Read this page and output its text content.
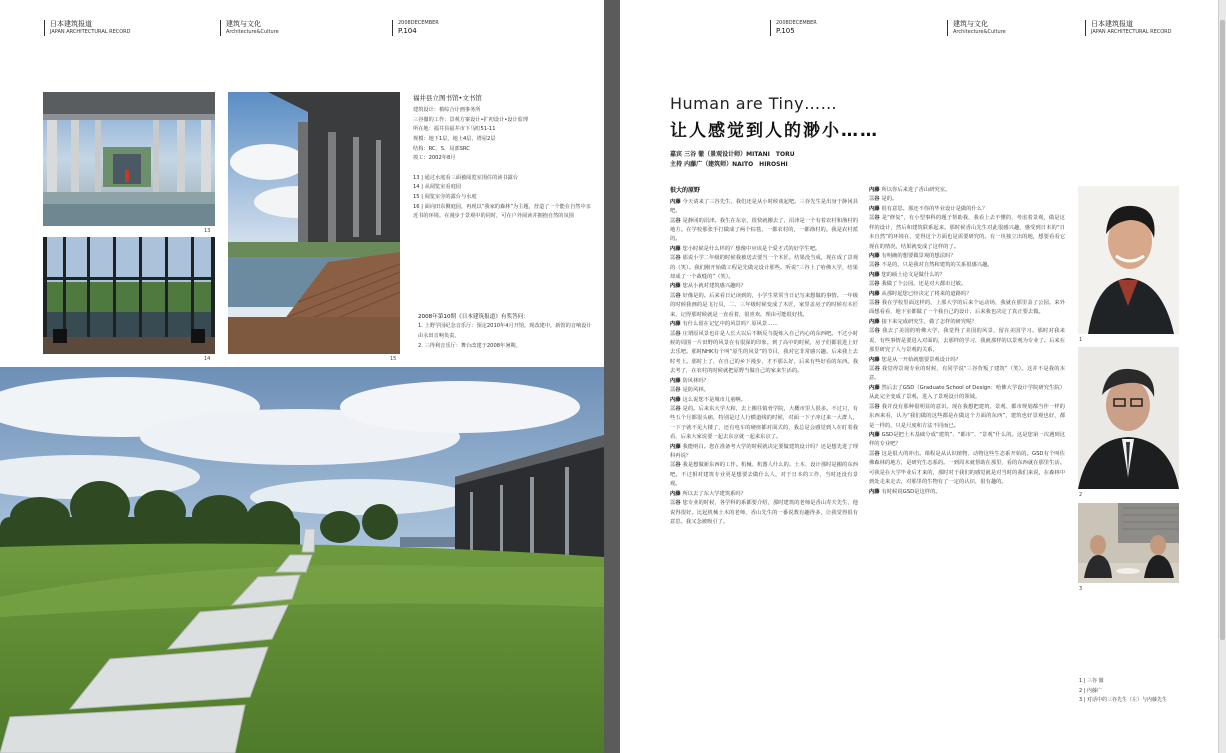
日本建筑报道
JAPAN ARCHITECTURAL RECORD
建筑与文化
Architecture&Culture
2008DECEMBER
P.104
13
14	15
福井县立图书馆•文书馆
建筑设计：槙综合计画事务所
三谷徹的工作：景观方案设计•扩初设计•设计监理
所在地：福井县福井市下马町51-11
规模：地下1层，地上4层，塔屋2层
结构：RC、S、局部SRC
竣工：2002年8月
13 | 通过水庭看三面被阅览室围住的读书露台
14 | 从阅览室看庭园
15 | 阅览室旁的露台与水庭
16 | 面向田东侧庭园，再现以“我家的森林”为主题，营造了一个能在自然中亲近书的环境。在漫步于景观中的同时，可在户外阅读并拥抱自然的氛围
2008年第10期《日本建筑报道》有奖答问：
1. 上野学园纪念音乐厅：预定2010年4月开馆。现改建中。新馆的音响设计由永田音响负责。
2. 三得利音乐厅：舞台改建于2008年暑期。
2008DECEMBER
P.105
建筑与文化
Architecture&Culture
日本建筑报道
JAPAN ARCHITECTURAL RECORD
Human are Tiny……
让人感觉到人的渺小……
嘉宾 三谷 徹（景观设计师）MITANI　TORU
主持 内藤广（建筑师）NAITO　HIROSHI

很大的原野

内藤 今天请来了三谷先生，我们还是从小时候谈起吧。三谷先生是出身于静冈县吧。

三谷 是静冈的沼津。我生在东京，很快就搬去了，沼津是一个有着农村和渔村的地方。在学校那张手打做成了两个棕毯，一都农村的，一都渔村的。我是农村派的。

内藤 您小时候是什么样的？想像中应该是个爱才式的好学生吧。

三谷 那说小学二年级的时候我被送去要当一个木匠。结果没当成，现在成了景观的（笑）。我们刚开始做工程是先做完设计那些。听说“三谷上了哈佛大学，结果却成了一个裁缝的”（笑）。

内藤 您从小就对建筑感兴趣吗？

三谷 好像是的。后来看日记读到的，小学生常常当日记写来想做的事情。一年级的时候我画的是飞行员，二、三年级时候变成了木匠，家里盖房子的时候有木匠来，记得那时候就是一直看着，很喜欢。理由可能很好找。

内藤 有什么留在记忆中的风景吗？原风景……

三谷 庄谓原风景也许是人长大以后不断反刍提炼入自己内心的东西吧。不过小时候的周围一片田野的风景在有很深的印象。到了高中的时候，房子们都装进上好去乐吧。那时NHK有个叫“原生的风景”的节目，我对它非常感兴趣。后来我上去时考上。那时上了，在自己的乡下漫步，才不那么好，后来有些好看的东西。我去考了，在农村的时候就把原野当做自己的家来生活的。

内藤 防风林吗？

三谷 是防风林。

内藤 这么说您不是城市儿童啊。

三谷 是的。后来东大学大和，去上搬往镇骨学院，大概市里人很多。不过只，有些五个月都很头痛，特别是过人行横道线的时候，对面一下子冲过来一大群人，一下子就不见大楼了，还有电车的硬座都对面式的，我总是会感觉到人在盯着我看，后来大家说要一起去东京就一起来东京了。

内藤 我能明白。您在准备考大学的时候就决定要做建筑设计吗？还是想先进了理科再说？

三谷 我是想做新东西的工作。机械、机器人什么的。土木、设计那时是搬的东西吧。不过相对建筑专业更是想要去做什么人，对于日本的工作，当时还没有景观。

内藤 所以去了东大学建筑系吗？

三谷 您专业的时候，各学科的系都要介绍，那时建筑的老师是香山寿夫先生，他说得很好。比起机械土木的老师，香山先生的一番说教有趣得多，让我觉得很有意思。我又念被吸引了。

内藤 所以你后来进了香山研究室。

三谷 是的。

内藤 很有意思。那还不你的毕业设计是做的什么？

三谷 是“修复”，有小型事科的题子帮助我，我看上去不懂的，考虑着景观，做是这样的设计，然后和建筑联系起来。那时候香山先生对此很感兴趣，感受到日本的“日本自然”的环境在，觉得这个方面也是需要研究的。有一块独立出的地，想要看看它现在的情况，结果就变成了这样的了。

内藤 有明确的想要做景观的想法吗？

三谷 不是的，只是我对自然和建筑的关系很感兴趣。

内藤 您的硕士论文是做什么的？

三谷 我做了个公园。还是对大都市过敏。

内藤 从那时起您已经决定了将来的道路吗？

三谷 我在学校里面这样的，上那大学的后来个运动场，我就在那里盖了公园。来外面想看看，地下室都做了一个我自己的设计，后来我也决定了真正要去做。

内藤 接下来完成研究生，做了怎样的研究呢？

三谷 我去了美国的哈佛大学，我觉得了美国的风景，留在美国学习。那时对我来说，有些事情是要进入对面的，去那样的学习，我就那样的以景观为专业了。后来在那里研究了人与景观的关系。

内藤 您是从一开始就想要景观设计吗？

三谷 我觉得景观专业的时候，有同学说“三谷背叛了建筑”（笑）。这并不是我的本意。

内藤 然后去了GSD（Graduate School of Design：哈佛大学设计学院研究生院）从此完全变成了景观，进入了景观设计的领域。

三谷 我并没有那种很明显的意识。现在我想把建筑、景观、都市规划都当作一样的东西来看，认为“我们做的这些都是在做这个方面的东西”，建筑也好景观也好，都是一样的，只是尺度和方法不同而已。

内藤 GSD是把土木基础分成“建筑”、“都市”、“景观”什么的。这是您第一次遇到这样的专业吧？

三谷 这是很大的冲击。课程是从认识植物、动物这些生态系开始的。GSD有个叫佐佛森林的地方，是研究生态系的。一到周末就帮助在那里，看的东西就在那里生活。可我是在大学毕业后才来的，那时对于我们的感觉就是对当时的我们来说，在森林中到处走来走去，对那里的生物有了一定的认识，很有趣的。

内藤 有时候说GSD是这样的。

1
2
3
1 | 三谷 徹
2 | 内藤广
3 | 对话中的三谷先生（左）与内藤先生
